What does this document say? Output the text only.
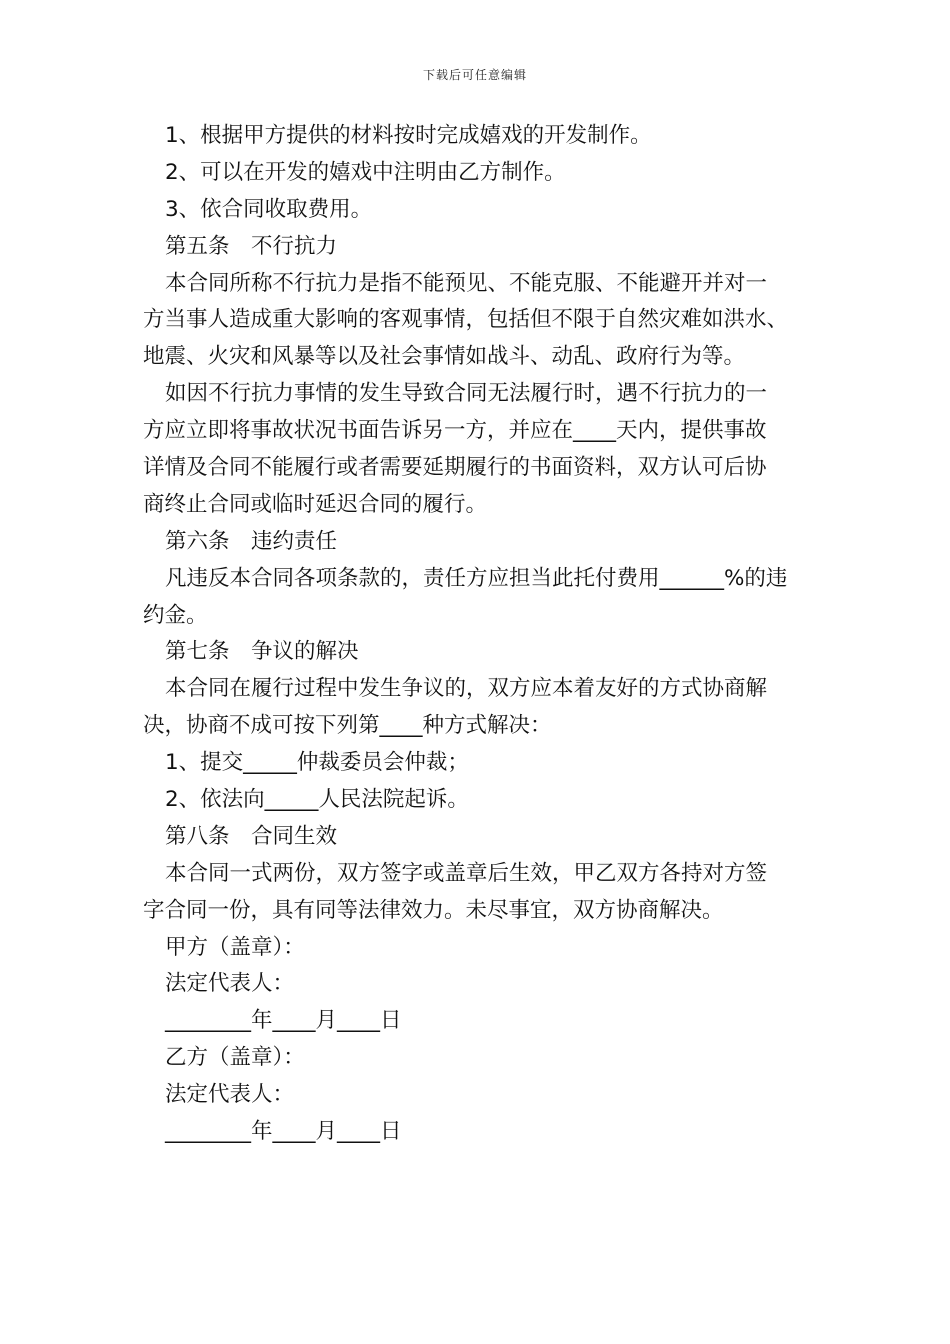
下载后可任意编辑
1、根据甲方提供的材料按时完成嬉戏的开发制作。
2、可以在开发的嬉戏中注明由乙方制作。
3、依合同收取费用。
第五条　不行抗力
本合同所称不行抗力是指不能预见、不能克服、不能避开并对一
方当事人造成重大影响的客观事情，包括但不限于自然灾难如洪水、
地震、火灾和风暴等以及社会事情如战斗、动乱、政府行为等。
如因不行抗力事情的发生导致合同无法履行时，遇不行抗力的一
方应立即将事故状况书面告诉另一方，并应在____天内，提供事故
详情及合同不能履行或者需要延期履行的书面资料，双方认可后协
商终止合同或临时延迟合同的履行。
第六条　违约责任
凡违反本合同各项条款的，责任方应担当此托付费用______%的违
约金。
第七条　争议的解决
本合同在履行过程中发生争议的，双方应本着友好的方式协商解
决，协商不成可按下列第____种方式解决：
1、提交_____仲裁委员会仲裁；
2、依法向_____人民法院起诉。
第八条　合同生效
本合同一式两份，双方签字或盖章后生效，甲乙双方各持对方签
字合同一份，具有同等法律效力。未尽事宜，双方协商解决。
甲方（盖章）：
法定代表人：
________年____月____日
乙方（盖章）：
法定代表人：
________年____月____日
